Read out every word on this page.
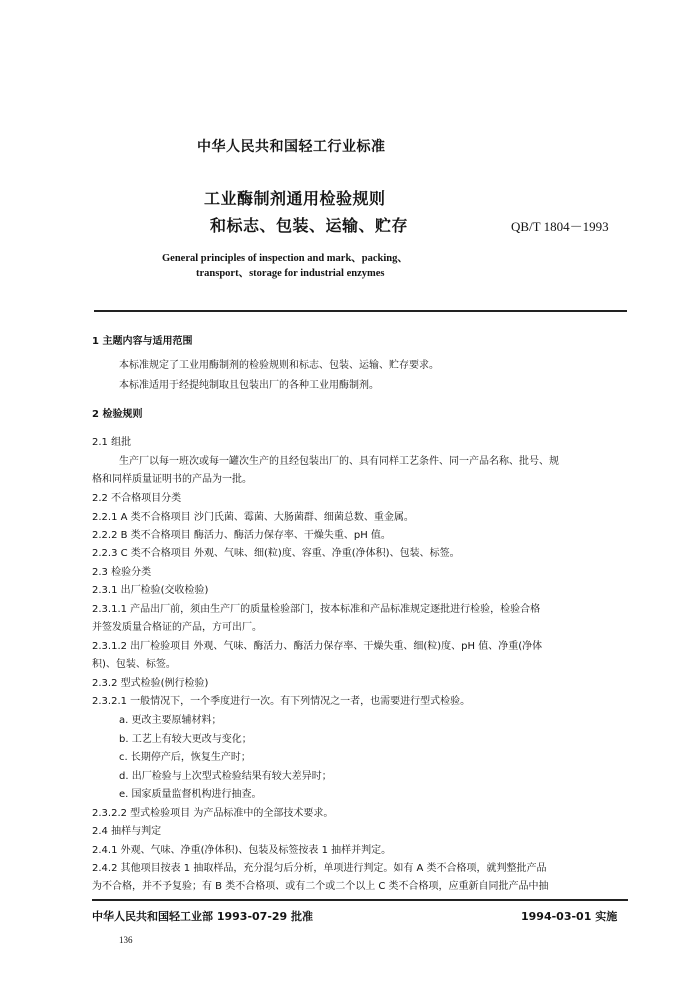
中华人民共和国轻工行业标准
工业酶制剂通用检验规则
和标志、包装、运输、贮存	QB/T 1804－1993
General principles of inspection and mark、packing、
transport、storage for industrial enzymes
1 主题内容与适用范围
本标准规定了工业用酶制剂的检验规则和标志、包装、运输、贮存要求。
本标准适用于经提纯制取且包装出厂的各种工业用酶制剂。
2 检验规则
2.1 组批
生产厂以每一班次或每一罐次生产的且经包装出厂的、具有同样工艺条件、同一产品名称、批号、规
格和同样质量证明书的产品为一批。
2.2 不合格项目分类
2.2.1 A 类不合格项目 沙门氏菌、霉菌、大肠菌群、细菌总数、重金属。
2.2.2 B 类不合格项目 酶活力、酶活力保存率、干燥失重、pH 值。
2.2.3 C 类不合格项目 外观、气味、细(粒)度、容重、净重(净体积)、包装、标签。
2.3 检验分类
2.3.1 出厂检验(交收检验)
2.3.1.1 产品出厂前，须由生产厂的质量检验部门，按本标准和产品标准规定逐批进行检验，检验合格
并签发质量合格证的产品，方可出厂。
2.3.1.2 出厂检验项目 外观、气味、酶活力、酶活力保存率、干燥失重、细(粒)度、pH 值、净重(净体
积)、包装、标签。
2.3.2 型式检验(例行检验)
2.3.2.1 一般情况下，一个季度进行一次。有下列情况之一者，也需要进行型式检验。
a. 更改主要原辅材料；
b. 工艺上有较大更改与变化；
c. 长期停产后，恢复生产时；
d. 出厂检验与上次型式检验结果有较大差异时；
e. 国家质量监督机构进行抽查。
2.3.2.2 型式检验项目 为产品标准中的全部技术要求。
2.4 抽样与判定
2.4.1 外观、气味、净重(净体积)、包装及标签按表 1 抽样并判定。
2.4.2 其他项目按表 1 抽取样品，充分混匀后分析，单项进行判定。如有 A 类不合格项，就判整批产品
为不合格，并不予复验；有 B 类不合格项、或有二个或二个以上 C 类不合格项，应重新自同批产品中抽
中华人民共和国轻工业部 1993-07-29 批准	1994-03-01 实施
136
